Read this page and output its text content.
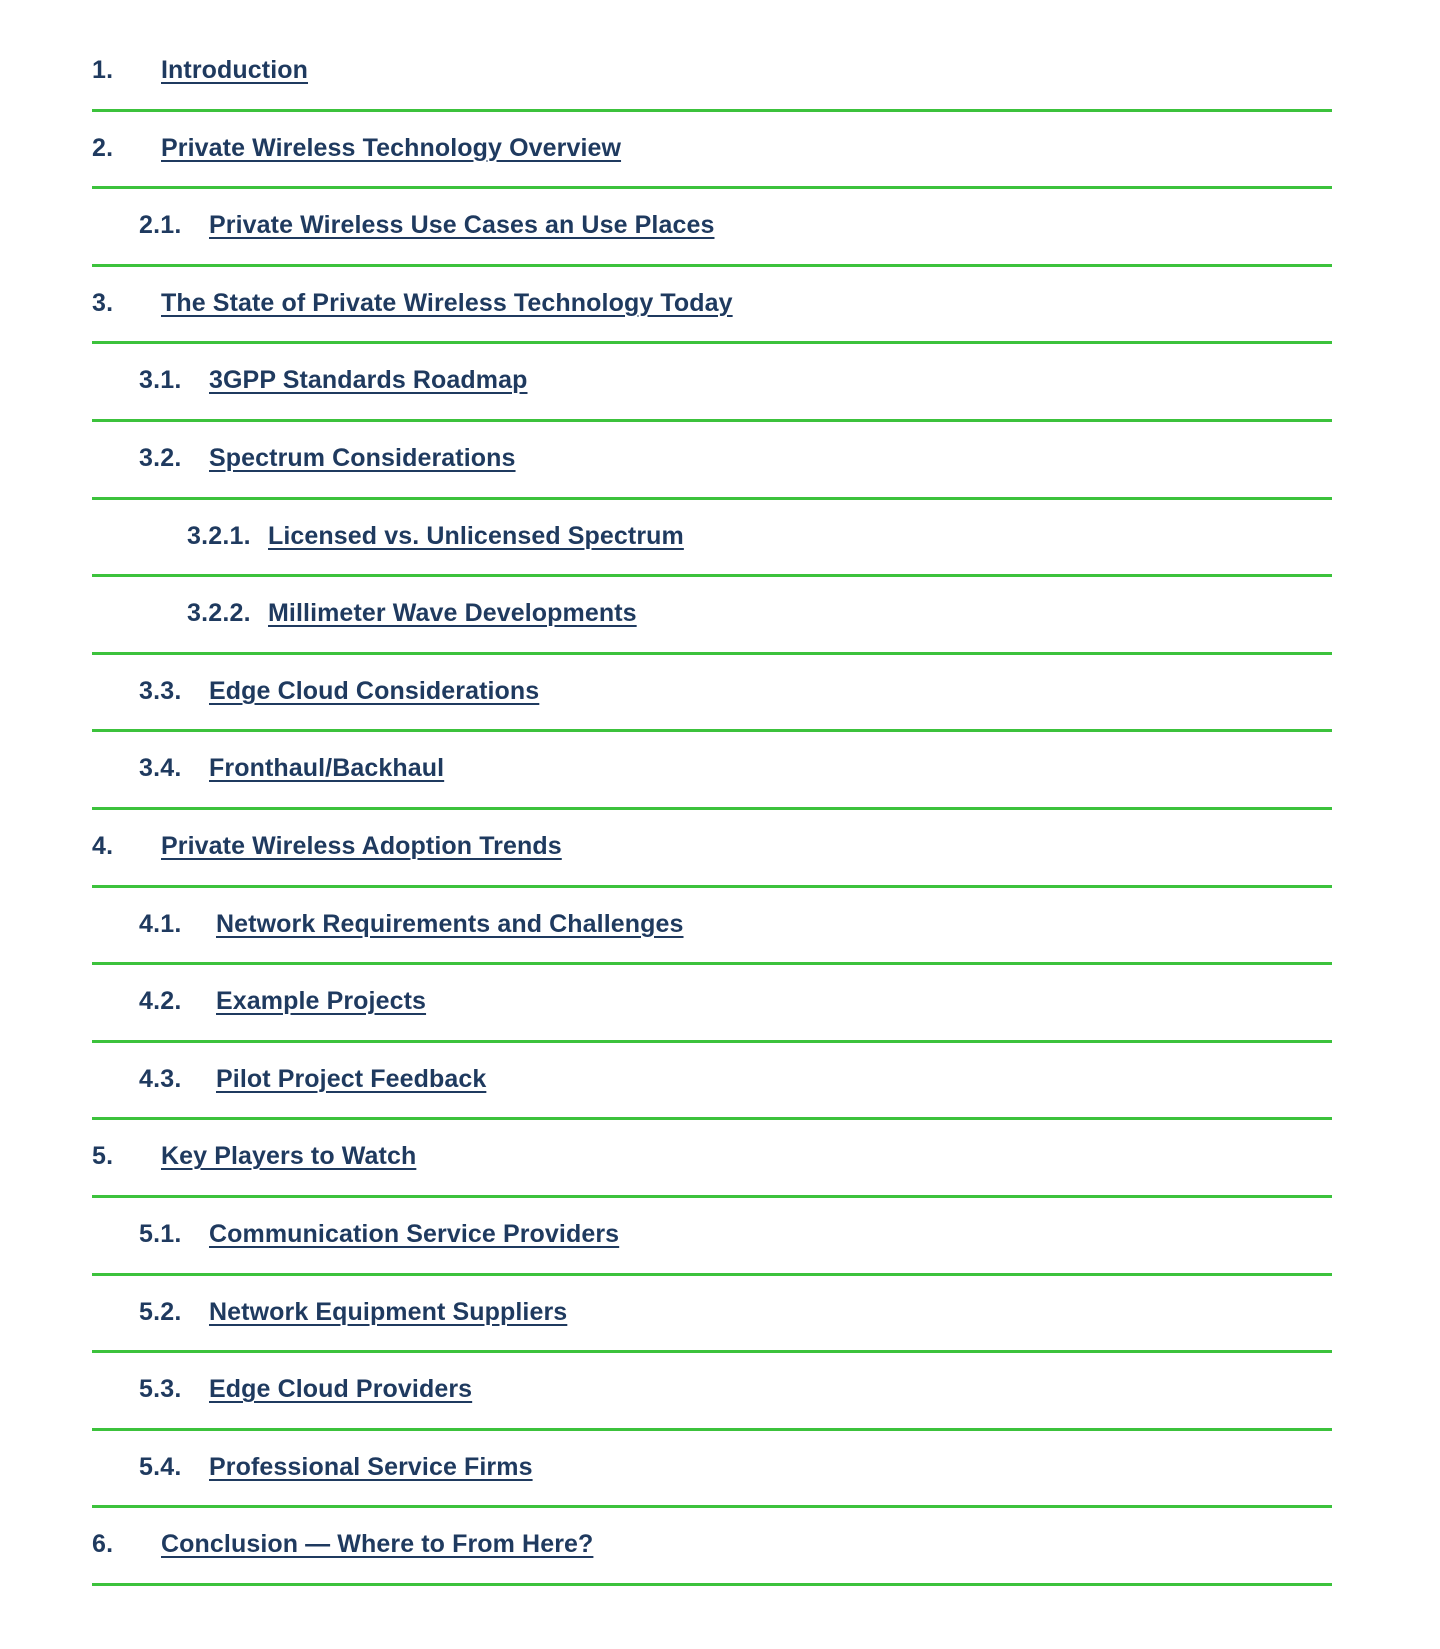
1. Introduction
2. Private Wireless Technology Overview
2.1. Private Wireless Use Cases an Use Places
3. The State of Private Wireless Technology Today
3.1. 3GPP Standards Roadmap
3.2. Spectrum Considerations
3.2.1. Licensed vs. Unlicensed Spectrum
3.2.2. Millimeter Wave Developments
3.3. Edge Cloud Considerations
3.4. Fronthaul/Backhaul
4. Private Wireless Adoption Trends
4.1. Network Requirements and Challenges
4.2. Example Projects
4.3. Pilot Project Feedback
5. Key Players to Watch
5.1. Communication Service Providers
5.2. Network Equipment Suppliers
5.3. Edge Cloud Providers
5.4. Professional Service Firms
6. Conclusion — Where to From Here?
